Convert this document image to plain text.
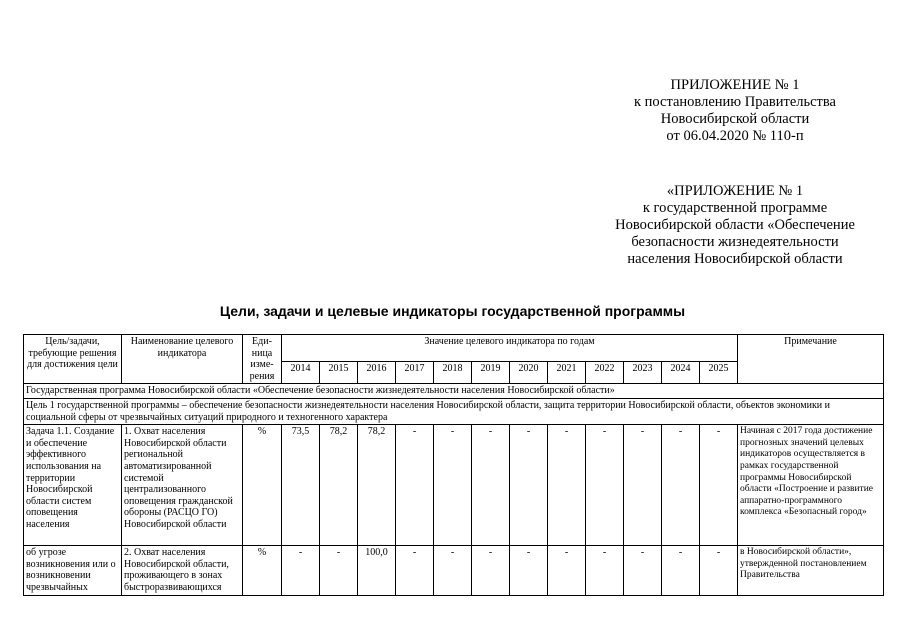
ПРИЛОЖЕНИЕ № 1
к постановлению Правительства
Новосибирской области
от 06.04.2020 № 110-п
«ПРИЛОЖЕНИЕ № 1
к государственной программе
Новосибирской области «Обеспечение
безопасности жизнедеятельности
населения Новосибирской области
Цели, задачи и целевые индикаторы государственной программы
Цель/задачи, требующие решения для достижения цели	Наименование целевого индикатора	Еди-ница изме-рения	Значение целевого индикатора по годам												Примечание
			2014	2015	2016	2017	2018	2019	2020	2021	2022	2023	2024	2025	
Государственная программа Новосибирской области «Обеспечение безопасности жизнедеятельности населения Новосибирской области»															
Цель 1 государственной программы – обеспечение безопасности жизнедеятельности населения Новосибирской области, защита территории Новосибирской области, объектов экономики и социальной сферы от чрезвычайных ситуаций природного и техногенного характера															
Задача 1.1. Создание и обеспечение эффективного использования на территории Новосибирской области систем оповещения населения	1. Охват населения Новосибирской области региональной автоматизированной системой централизованного оповещения гражданской обороны (РАСЦО ГО) Новосибирской области	%	73,5	78,2	78,2	-	-	-	-	-	-	-	-	-	Начиная с 2017 года достижение прогнозных значений целевых индикаторов осуществляется в рамках государственной программы Новосибирской области «Построение и развитие аппаратно-программного комплекса «Безопасный город»
об угрозе возникновения или о возникновении чрезвычайных	2. Охват населения Новосибирской области, проживающего в зонах быстроразвивающихся	%	-	-	100,0	-	-	-	-	-	-	-	-	-	в Новосибирской области», утвержденной постановлением Правительства
